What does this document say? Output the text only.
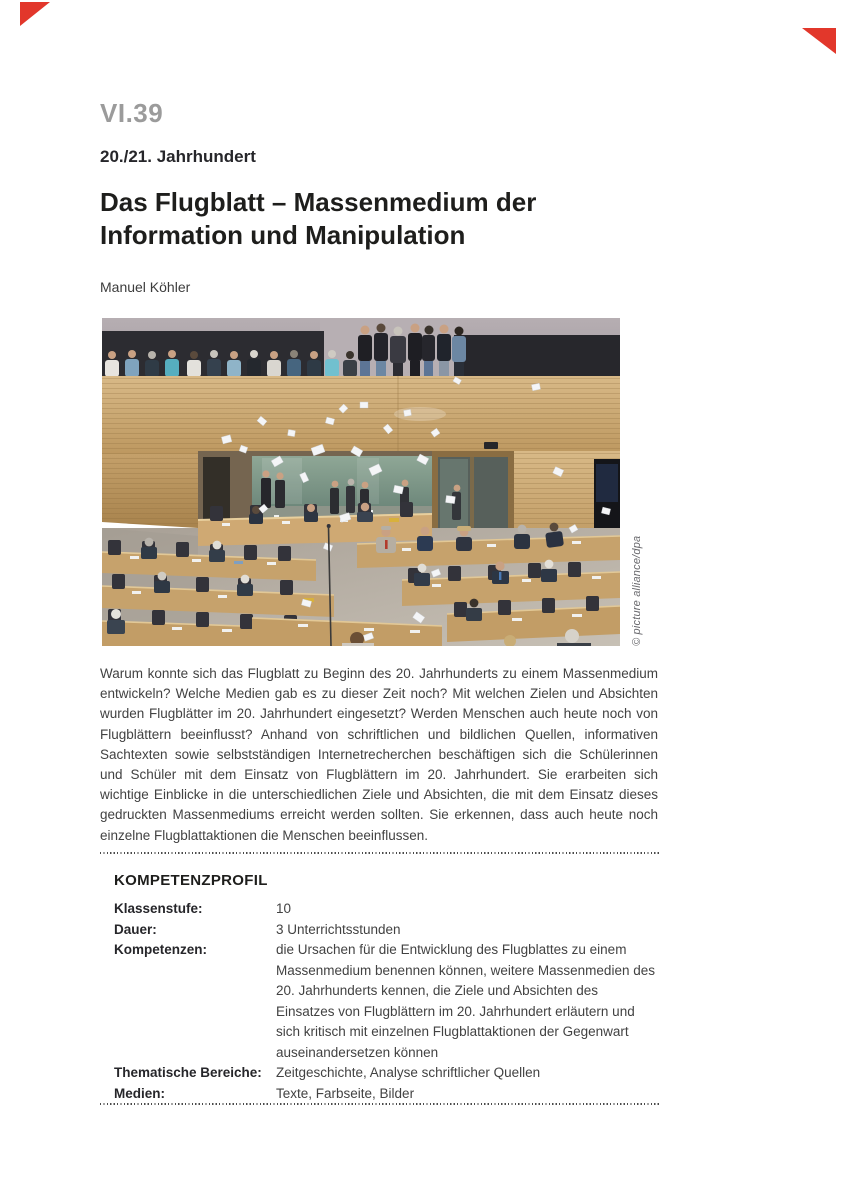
VI.39
20./21. Jahrhundert
Das Flugblatt – Massenmedium der Information und Manipulation
Manuel Köhler
© picture alliance/dpa

Warum konnte sich das Flugblatt zu Beginn des 20. Jahrhunderts zu einem Massenmedium entwickeln? Welche Medien gab es zu dieser Zeit noch? Mit welchen Zielen und Absichten wurden Flugblätter im 20. Jahrhundert eingesetzt? Werden Menschen auch heute noch von Flugblättern beeinflusst? Anhand von schriftlichen und bildlichen Quellen, informativen Sachtexten sowie selbstständigen Internetrecherchen beschäftigen sich die Schülerinnen und Schüler mit dem Einsatz von Flugblättern im 20. Jahrhundert. Sie erarbeiten sich wichtige Einblicke in die unterschiedlichen Ziele und Absichten, die mit dem Einsatz dieses gedruckten Massenmediums erreicht werden sollten. Sie erkennen, dass auch heute noch einzelne Flugblattaktionen die Menschen beeinflussen.

KOMPETENZPROFIL
Klassenstufe:	10
Dauer:	3 Unterrichtsstunden
Kompetenzen:	die Ursachen für die Entwicklung des Flugblattes zu einem Massenmedium benennen können, weitere Massenmedien des 20. Jahrhunderts kennen, die Ziele und Absichten des Einsatzes von Flugblättern im 20. Jahrhundert erläutern und sich kritisch mit einzelnen Flugblattaktionen der Gegenwart auseinandersetzen können
Thematische Bereiche:	Zeitgeschichte, Analyse schriftlicher Quellen
Medien:	Texte, Farbseite, Bilder
